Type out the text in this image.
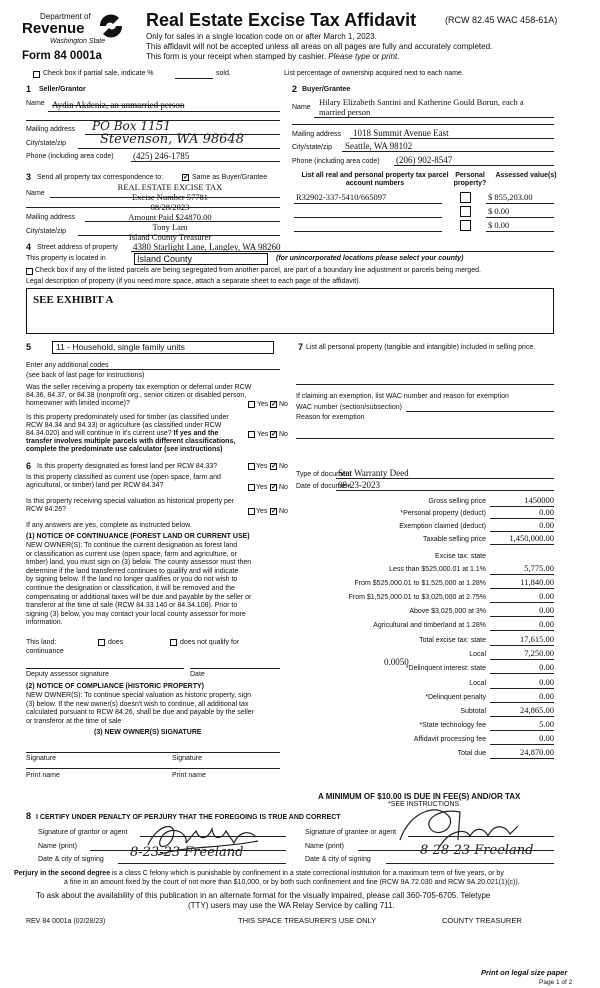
Department of
Revenue
Washington State
Form 84 0001a
Real Estate Excise Tax Affidavit	(RCW 82.45 WAC 458-61A)
Only for sales in a single location code on or after March 1, 2023.
This affidavit will not be accepted unless all areas on all pages are fully and accurately completed.
This form is your receipt when stamped by cashier. Please type or print.
Check box if partial sale, indicate %	sold.	List percentage of ownership acquired next to each name.
1 Seller/Grantor
Name Aydin Akdeniz, an unmarried person
Mailing address PO Box 1151
City/state/zip	Stevenson, WA 98648
Phone (including area code) (425) 246-1785
2 Buyer/Grantee
Name
Hilary Elizabeth Santini and Katherine Gould Borun, each a
married person
Mailing address 1018 Summit Avenue East
City/state/zip Seattle, WA 98102
Phone (including area code) (206) 902-8547
3 Send all property tax correspondence to:	✓ Same as Buyer/Grantee
Name
Mailing address
City/state/zip
REAL ESTATE EXCISE TAX
Excise Number 57781
08/28/2023
Amount Paid $24870.00
Tony Lam
Island County Treasurer
List all real and personal property tax parcel account numbers
Personal property?
Assessed value(s)
R32902-337-5410/665097	$ 855,203.00
$ 0.00
$ 0.00
4 Street address of property 4380 Starlight Lane, Langley, WA 98260
This property is located in	Island County	(for unincorporated locations please select your county)
Check box if any of the listed parcels are being segregated from another parcel, are part of a boundary line adjustment or parcels being merged.
Legal description of property (if you need more space, attach a separate sheet to each page of the affidavit).
SEE EXHIBIT A
5	11 - Household, single family units
Enter any additional codes
(see back of last page for instructions)
Was the seller receiving a property tax exemption or deferral under RCW 84.36, 84.37, or 84.38 (nonprofit org., senior citizen or disabled person, homeowner with limited income)?	Yes ✓ No
Is this property predominately used for timber (as classified under RCW 84.34 and 84.33) or agriculture (as classified under RCW 84.34.020) and will continue in it's current use? If yes and the transfer involves multiple parcels with different classifications, complete the predominate use calculator (see instructions)
Yes ✓ No
7 List all personal property (tangible and intangible) included in selling price.
If claiming an exemption, list WAC number and reason for exemption
WAC number (section/subsection)
Reason for exemption
6 Is this property designated as forest land per RCW 84.33?	Yes ✓ No
Is this property classified as current use (open space, farm and agricultural, or timber) land per RCW 84.34?	Yes ✓ No
Is this property receiving special valuation as historical property per RCW 84.26?	Yes ✓ No
If any answers are yes, complete as instructed below.
(1) NOTICE OF CONTINUANCE (FOREST LAND OR CURRENT USE)
NEW OWNER(S): To continue the current designation as forest land
or classification as current use (open space, farm and agriculture, or
timber) land, you must sign on (3) below. The county assessor must then
determine if the land transferred continues to qualify and will indicate
by signing below. If the land no longer qualifies or you do not wish to
continue the designation or classification, it will be removed and the
compensating or additional taxes will be due and payable by the seller or
transferor at the time of sale (RCW 84.33.140 or 84.34.108). Prior to
signing (3) below, you may contact your local county assessor for more
information.
This land:	does	does not qualify for
continuance
Deputy assessor signature	Date
(2) NOTICE OF COMPLIANCE (HISTORIC PROPERTY)
NEW OWNER(S): To continue special valuation as historic property, sign
(3) below. If the new owner(s) doesn't wish to continue, all additional tax
calculated pursuant to RCW 84.26, shall be due and payable by the seller
or transferor at the time of sale
(3) NEW OWNER(S) SIGNATURE
Signature	Signature
Print name	Print name
Type of document
Stat Warranty Deed
Date of document
08-23-2023
Gross selling price	1450000
*Personal property (deduct)	0.00
Exemption claimed (deduct)	0.00
Taxable selling price	1,450,000.00
Excise tax: state
Less than $525,000.01 at 1.1%	5,775.00
From $525,000.01 to $1,525,000 at 1.28%	11,840.00
From $1,525,000.01 to $3,025,000 at 2.75%	0.00
Above $3,025,000 at 3%	0.00
Agricultural and timberland at 1.28%	0.00
Total excise tax: state	17,615.00
Local	7,250.00
*Delinquent interest: state	0.00
Local	0.00
*Delinquent penalty	0.00
Subtotal	24,865.00
*State technology fee	5.00
Affidavit processing fee	0.00
Total due	24,870.00
0.0050
A MINIMUM OF $10.00 IS DUE IN FEE(S) AND/OR TAX
*SEE INSTRUCTIONS
8 I CERTIFY UNDER PENALTY OF PERJURY THAT THE FOREGOING IS TRUE AND CORRECT
Signature of grantor or agent
Name (print)
Date & city of signing 8-23-23 Freeland
Signature of grantee or agent
Name (print)
Date & city of signing
8-28-23 Freeland
Perjury in the second degree is a class C felony which is punishable by confinement in a state correctional institution for a maximum term of five years, or by
a fine in an amount fixed by the court of not more than $10,000, or by both such confinement and fine (RCW 9A.72.030 and RCW 9A.20.021(1)(c)).
To ask about the availability of this publication in an alternate format for the visually impaired, please call 360-705-6705. Teletype
(TTY) users may use the WA Relay Service by calling 711.
REV 84 0001a (02/28/23)	THIS SPACE TREASURER'S USE ONLY	COUNTY TREASURER
Print on legal size paper
Page 1 of 2
